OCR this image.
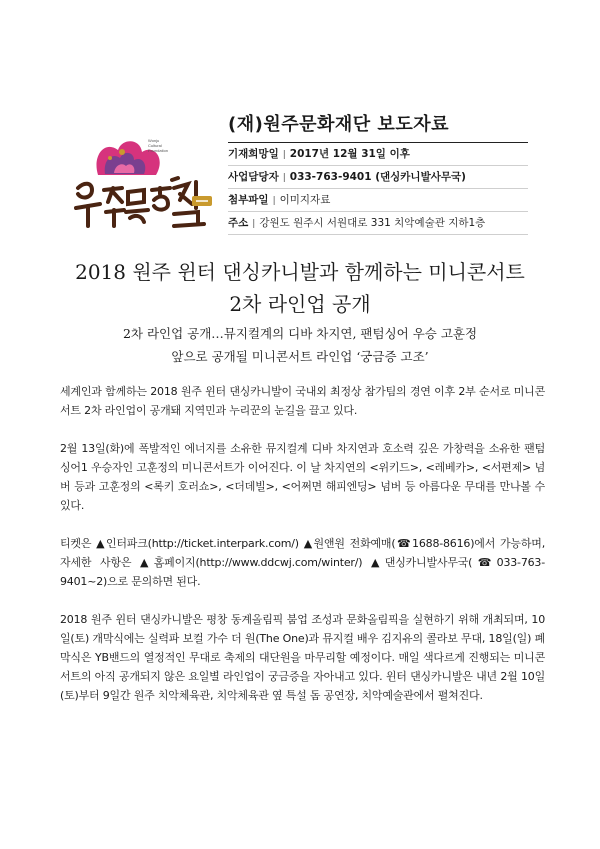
Wonju
Cultural
Foundation
(재)원주문화재단 보도자료
기재희망일 | 2017년 12월 31일 이후
사업담당자 | 033-763-9401 (댄싱카니발사무국)
첨부파일 | 이미지자료
주소 | 강원도 원주시 서원대로 331 치악예술관 지하1층
2018 원주 윈터 댄싱카니발과 함께하는 미니콘서트
2차 라인업 공개
2차 라인업 공개…뮤지컬계의 디바 차지연, 팬텀싱어 우승 고훈정
앞으로 공개될 미니콘서트 라인업 ‘궁금증 고조’

세계인과 함께하는 2018 원주 윈터 댄싱카니발이 국내외 최정상 참가팀의 경연 이후 2부 순서로 미니콘서트 2차 라인업이 공개돼 지역민과 누리꾼의 눈길을 끌고 있다.

2월 13일(화)에 폭발적인 에너지를 소유한 뮤지컬계 디바 차지연과 호소력 깊은 가창력을 소유한 팬텀싱어1 우승자인 고훈정의 미니콘서트가 이어진다. 이 날 차지연의 <위키드>, <레베카>, <서편제> 넘버 등과 고훈정의 <록키 호러쇼>, <더데빌>, <어쩌면 해피엔딩> 넘버 등 아름다운 무대를 만나볼 수 있다.

티켓은 ▲인터파크(http://ticket.interpark.com/) ▲원앤원 전화예매(☎1688-8616)에서 가능하며, 자세한 사항은 ▲홈페이지(http://www.ddcwj.com/winter/) ▲댄싱카니발사무국(☎033-763-9401~2)으로 문의하면 된다.

2018 원주 윈터 댄싱카니발은 평창 동계올림픽 붐업 조성과 문화올림픽을 실현하기 위해 개최되며, 10일(토) 개막식에는 실력파 보컬 가수 더 원(The One)과 뮤지컬 배우 김지유의 콜라보 무대, 18일(일) 폐막식은 YB밴드의 열정적인 무대로 축제의 대단원을 마무리할 예정이다. 매일 색다르게 진행되는 미니콘서트의 아직 공개되지 않은 요일별 라인업이 궁금증을 자아내고 있다. 윈터 댄싱카니발은 내년 2월 10일(토)부터 9일간 원주 치악체육관, 치악체육관 옆 특설 돔 공연장, 치악예술관에서 펼쳐진다.
